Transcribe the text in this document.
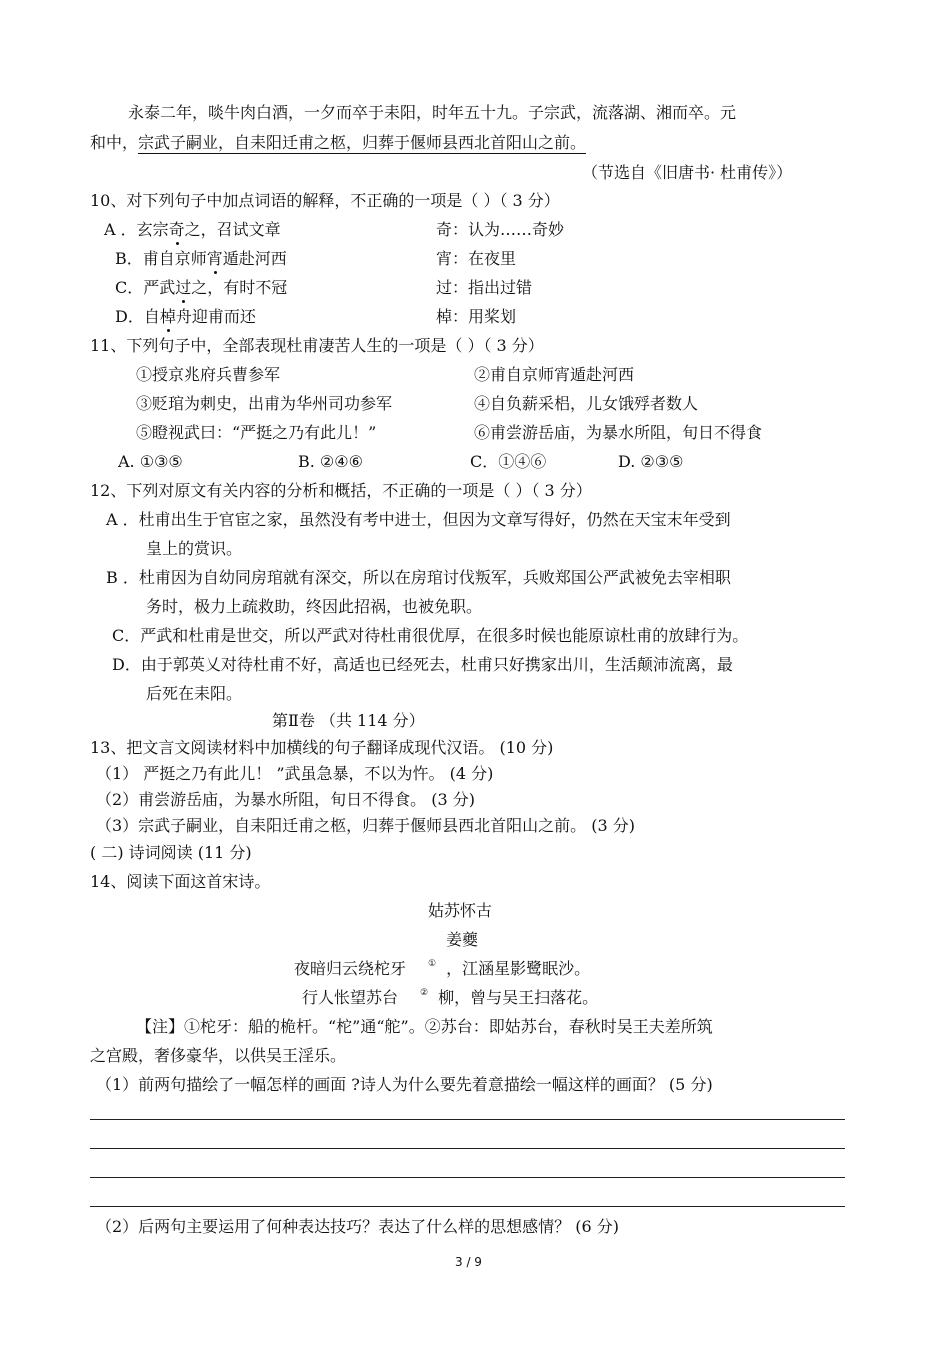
永泰二年，啖牛肉白酒，一夕而卒于耒阳，时年五十九。子宗武，流落湖、湘而卒。元
和中，宗武子嗣业，自耒阳迁甫之柩，归葬于偃师县西北首阳山之前。
（节选自《旧唐书· 杜甫传》）
10、对下列句子中加点词语的解释，不正确的一项是（ ）（ 3 分）
A ．玄宗奇之，召试文章	奇：认为……奇妙
B．甫自京师宵遁赴河西	宵：在夜里
C．严武过之，有时不冠	过：指出过错
D．自棹舟迎甫而还	棹：用桨划
11、下列句子中，全部表现杜甫凄苦人生的一项是（ ）（ 3 分）
①授京兆府兵曹参军	②甫自京师宵遁赴河西
③贬琯为刺史，出甫为华州司功参军	④自负薪采梠，儿女饿殍者数人
⑤瞪视武曰：“严挺之乃有此儿！”	⑥甫尝游岳庙，为暴水所阻，旬日不得食
A. ①③⑤	B. ②④⑥	C．①④⑥	D. ②③⑤
12、下列对原文有关内容的分析和概括，不正确的一项是（ ）（ 3 分）
A ．杜甫出生于官宦之家，虽然没有考中进士，但因为文章写得好，仍然在天宝末年受到
皇上的赏识。
B ．杜甫因为自幼同房琯就有深交，所以在房琯讨伐叛军，兵败郑国公严武被免去宰相职
务时，极力上疏救助，终因此招祸，也被免职。
C．严武和杜甫是世交，所以严武对待杜甫很优厚，在很多时候也能原谅杜甫的放肆行为。
D．由于郭英乂对待杜甫不好，高适也已经死去，杜甫只好携家出川，生活颠沛流离，最
后死在耒阳。
第Ⅱ卷 （共 114 分）
13、把文言文阅读材料中加横线的句子翻译成现代汉语。 (10 分)
（1） 严挺之乃有此儿！ ”武虽急暴，不以为忤。 (4 分)
（2）甫尝游岳庙，为暴水所阻，旬日不得食。 (3 分)
（3）宗武子嗣业，自耒阳迁甫之柩，归葬于偃师县西北首阳山之前。 (3 分)
( 二) 诗词阅读 (11 分)
14、阅读下面这首宋诗。
姑苏怀古
姜夔
夜暗归云绕柁牙 ① ，江涵星影鹭眠沙。
行人怅望苏台 ② 柳，曾与吴王扫落花。
【注】①柁牙：船的桅杆。“柁”通“舵”。②苏台：即姑苏台，春秋时吴王夫差所筑
之宫殿，奢侈豪华，以供吴王淫乐。
（1）前两句描绘了一幅怎样的画面 ?诗人为什么要先着意描绘一幅这样的画面？ (5 分)
（2）后两句主要运用了何种表达技巧？表达了什么样的思想感情？ (6 分)
3 / 9
